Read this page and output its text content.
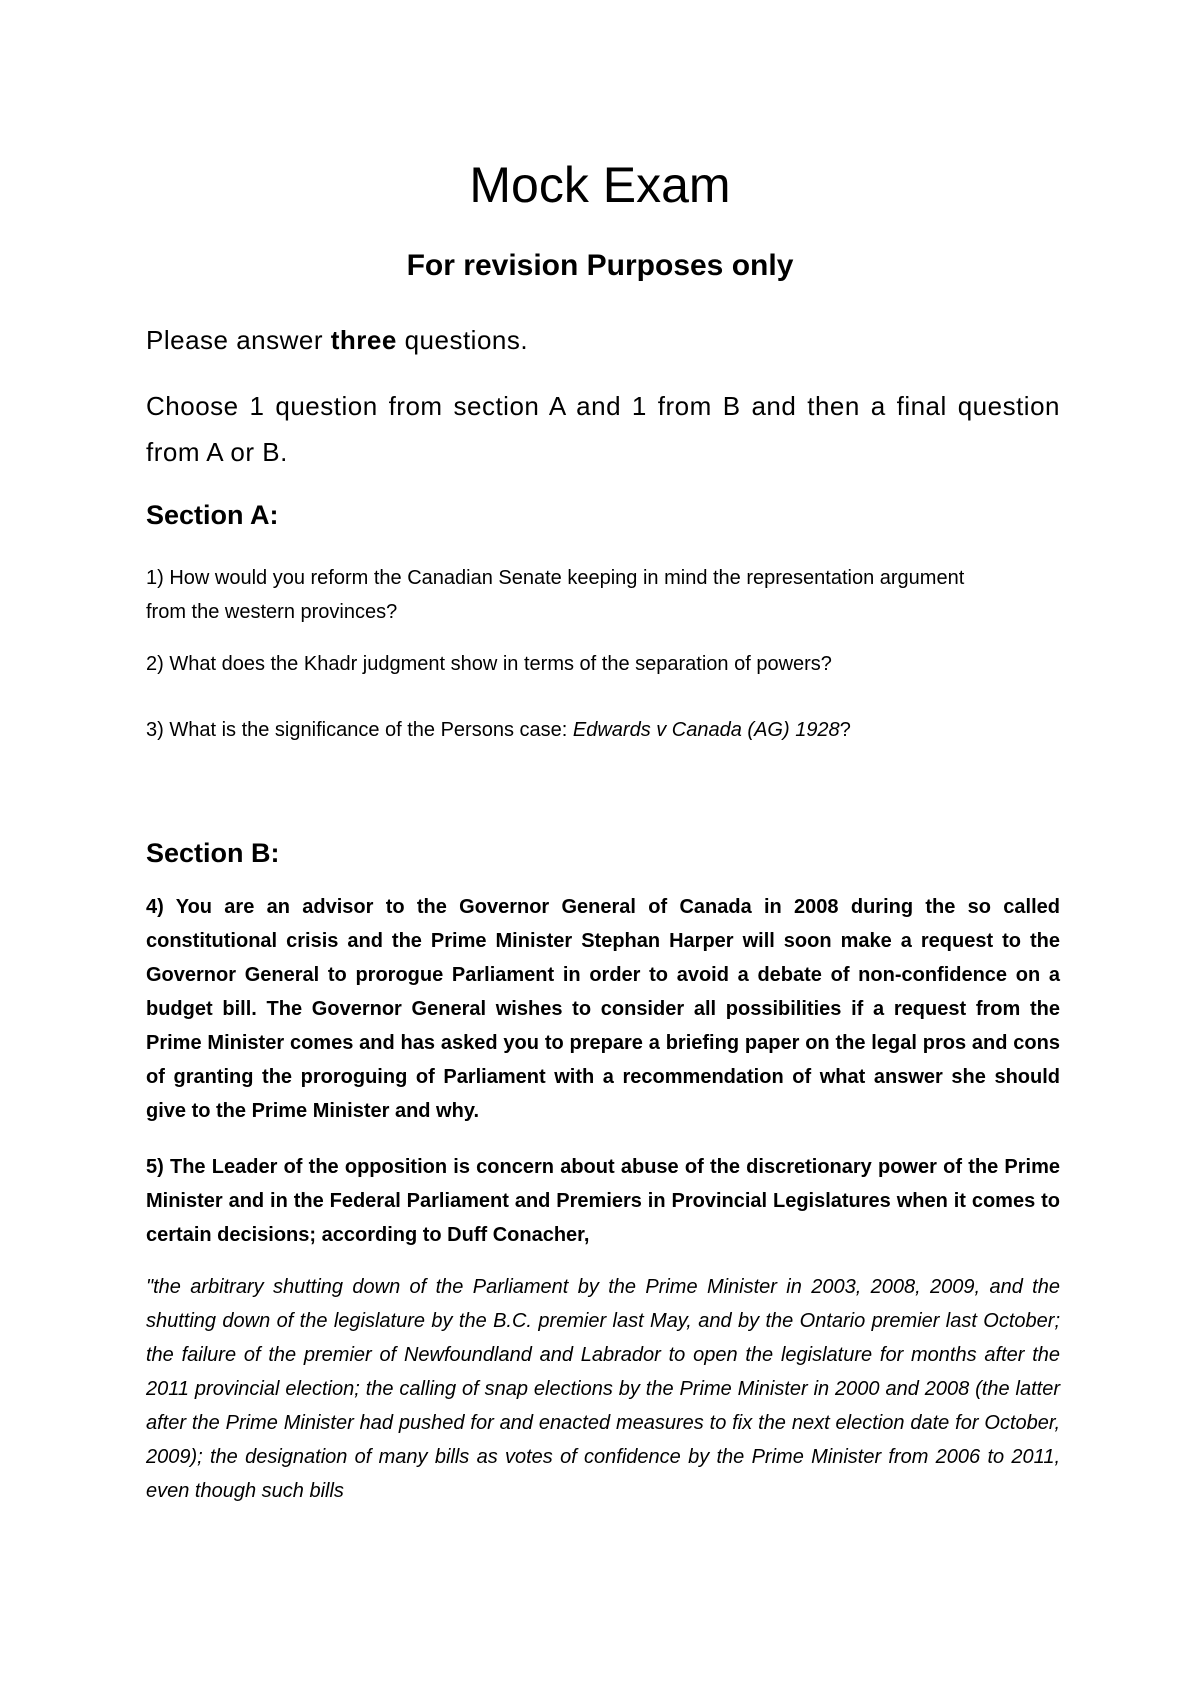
Mock Exam
For revision Purposes only

Please answer three questions.

Choose 1 question from section A and 1 from B and then a final question from A or B.

Section A:

1) How would you reform the Canadian Senate keeping in mind the representation argument from the western provinces?

2) What does the Khadr judgment show in terms of the separation of powers?

3) What is the significance of the Persons case: Edwards v Canada (AG) 1928?

Section B:

4) You are an advisor to the Governor General of Canada in 2008 during the so called constitutional crisis and the Prime Minister Stephan Harper will soon make a request to the Governor General to prorogue Parliament in order to avoid a debate of non-confidence on a budget bill. The Governor General wishes to consider all possibilities if a request from the Prime Minister comes and has asked you to prepare a briefing paper on the legal pros and cons of granting the proroguing of Parliament with a recommendation of what answer she should give to the Prime Minister and why.

5) The Leader of the opposition is concern about abuse of the discretionary power of the Prime Minister and in the Federal Parliament and Premiers in Provincial Legislatures when it comes to certain decisions; according to Duff Conacher,

"the arbitrary shutting down of the Parliament by the Prime Minister in 2003, 2008, 2009, and the shutting down of the legislature by the B.C. premier last May, and by the Ontario premier last October; the failure of the premier of Newfoundland and Labrador to open the legislature for months after the 2011 provincial election; the calling of snap elections by the Prime Minister in 2000 and 2008 (the latter after the Prime Minister had pushed for and enacted measures to fix the next election date for October, 2009); the designation of many bills as votes of confidence by the Prime Minister from 2006 to 2011, even though such bills
